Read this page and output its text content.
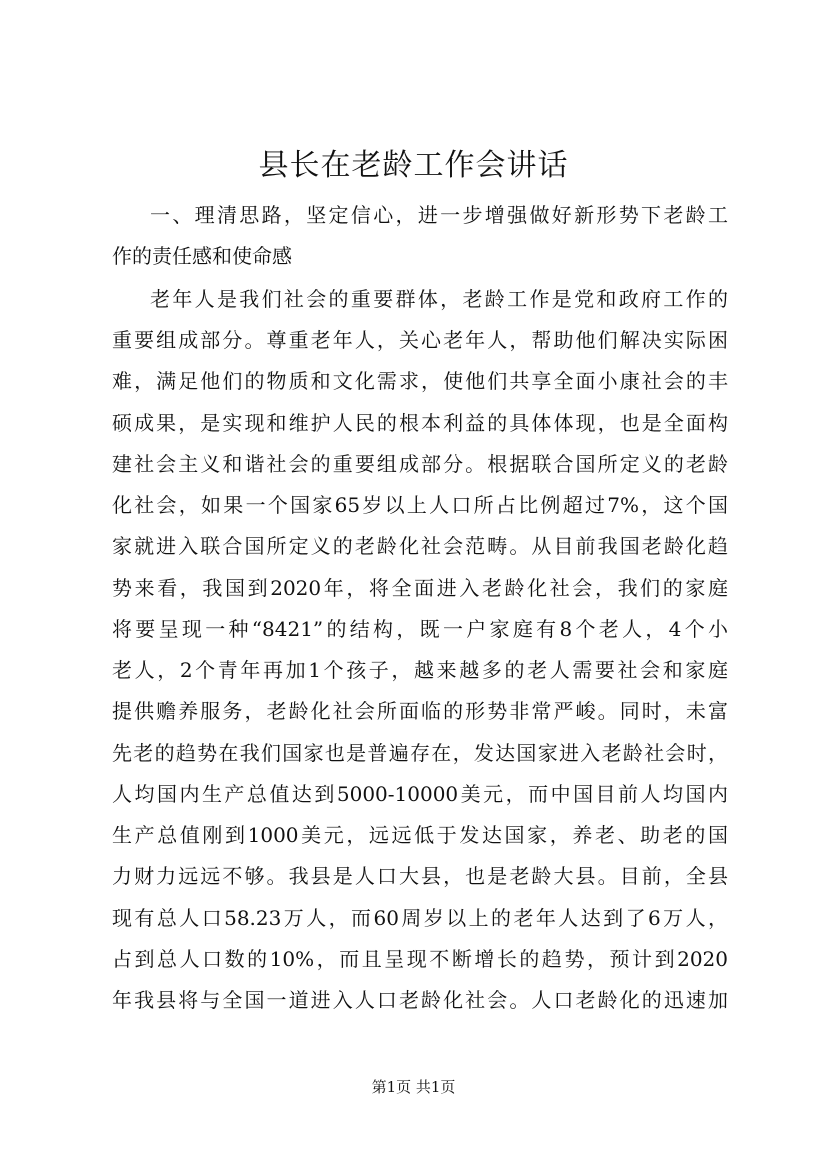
县长在老龄工作会讲话
一、理清思路，坚定信心，进一步增强做好新形势下老龄工
作的责任感和使命感
老年人是我们社会的重要群体，老龄工作是党和政府工作的
重要组成部分。尊重老年人，关心老年人，帮助他们解决实际困
难，满足他们的物质和文化需求，使他们共享全面小康社会的丰
硕成果，是实现和维护人民的根本利益的具体体现，也是全面构
建社会主义和谐社会的重要组成部分。根据联合国所定义的老龄
化社会，如果一个国家65岁以上人口所占比例超过7%，这个国
家就进入联合国所定义的老龄化社会范畴。从目前我国老龄化趋
势来看，我国到2020年，将全面进入老龄化社会，我们的家庭
将要呈现一种“8421”的结构，既一户家庭有8个老人，4个小
老人，2个青年再加1个孩子，越来越多的老人需要社会和家庭
提供赡养服务，老龄化社会所面临的形势非常严峻。同时，未富
先老的趋势在我们国家也是普遍存在，发达国家进入老龄社会时，
人均国内生产总值达到5000-10000美元，而中国目前人均国内
生产总值刚到1000美元，远远低于发达国家，养老、助老的国
力财力远远不够。我县是人口大县，也是老龄大县。目前，全县
现有总人口58.23万人，而60周岁以上的老年人达到了6万人，
占到总人口数的10%，而且呈现不断增长的趋势，预计到2020
年我县将与全国一道进入人口老龄化社会。人口老龄化的迅速加
第1页 共1页
